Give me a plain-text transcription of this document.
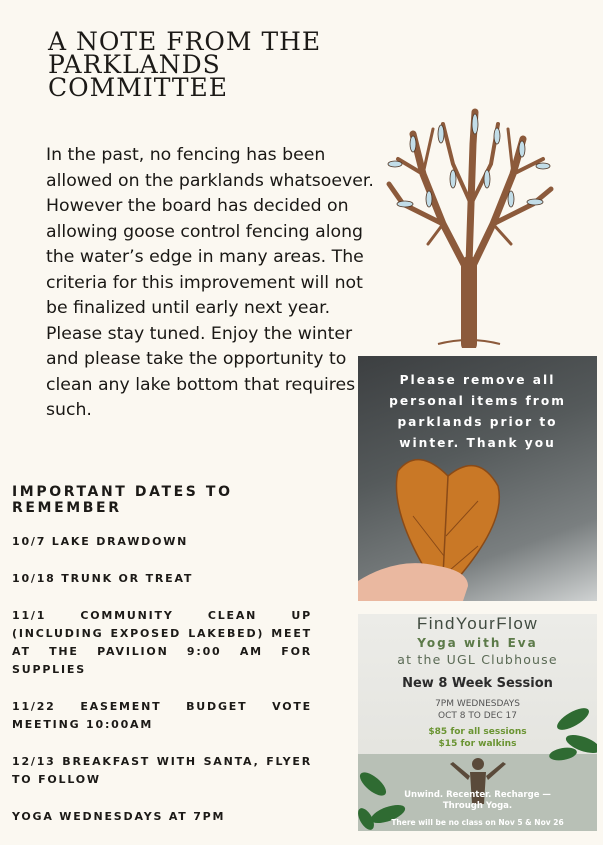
A NOTE FROM THE
PARKLANDS
COMMITTEE

In the past, no fencing has been allowed on the parklands whatsoever. However the board has decided on allowing goose control fencing along the water’s edge in many areas. The criteria for this improvement will not be finalized until early next year. Please stay tuned. Enjoy the winter and please take the opportunity to clean any lake bottom that requires such.

Please remove all
personal items from
parklands prior to
winter. Thank you
IMPORTANT DATES TO REMEMBER
10/7 LAKE DRAWDOWN
10/18 TRUNK OR TREAT
11/1 COMMUNITY CLEAN UP (INCLUDING EXPOSED LAKEBED) MEET AT THE PAVILION 9:00 AM FOR SUPPLIES
11/22 EASEMENT BUDGET VOTE MEETING 10:00AM
12/13 BREAKFAST WITH SANTA, FLYER TO FOLLOW
YOGA WEDNESDAYS AT 7PM
FindYourFlow
Yoga with Eva
at the UGL Clubhouse
New 8 Week Session
7PM WEDNESDAYS
OCT 8 TO DEC 17
$85 for all sessions
$15 for walkins
Unwind. Recenter. Recharge —
Through Yoga.
There will be no class on Nov 5 & Nov 26
